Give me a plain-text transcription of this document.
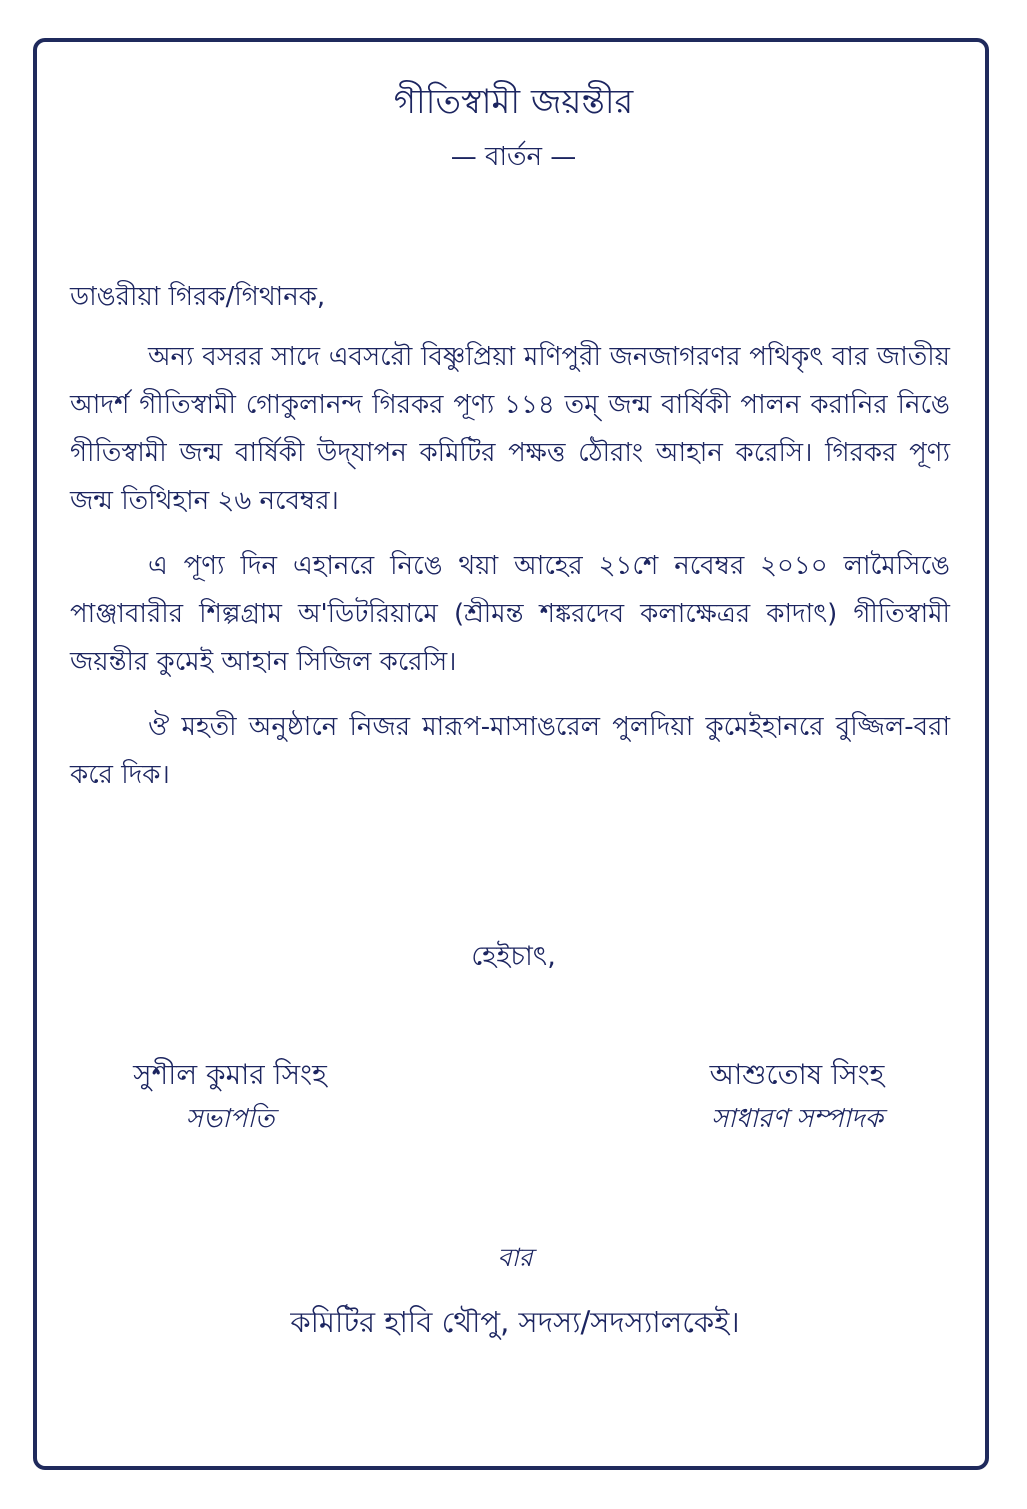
গীতিস্বামী জয়ন্তীর
— বার্তন —
ডাঙরীয়া গিরক/গিথানক,

অন্য বসরর সাদে এবসরৌ বিষ্ণুপ্রিয়া মণিপুরী জনজাগরণর পথিকৃৎ বার জাতীয় আদর্শ গীতিস্বামী গোকুলানন্দ গিরকর পূণ্য ১১৪ তম্ জন্ম বার্ষিকী পালন করানির নিঙে গীতিস্বামী জন্ম বার্ষিকী উদ্‌যাপন কমিটির পক্ষত্ত ঠৌরাং আহান করেসি। গিরকর পূণ্য জন্ম তিথিহান ২৬ নবেম্বর।

এ পূণ্য দিন এহানরে নিঙে থয়া আহের ২১শে নবেম্বর ২০১০ লামৈসিঙে পাঞ্জাবারীর শিল্পগ্রাম অ'ডিটরিয়ামে (শ্রীমন্ত শঙ্করদেব কলাক্ষেত্রর কাদাৎ) গীতিস্বামী জয়ন্তীর কুমেই আহান সিজিল করেসি।

ঔ মহতী অনুষ্ঠানে নিজর মারূপ-মাসাঙরেল পুলদিয়া কুমেইহানরে বুজ্জিল-বরা করে দিক।

হেইচাৎ,
সুশীল কুমার সিংহ
সভাপতি
আশুতোষ সিংহ
সাধারণ সম্পাদক
বার
কমিটির হাবি থৌপু, সদস্য/সদস্যালকেই।
